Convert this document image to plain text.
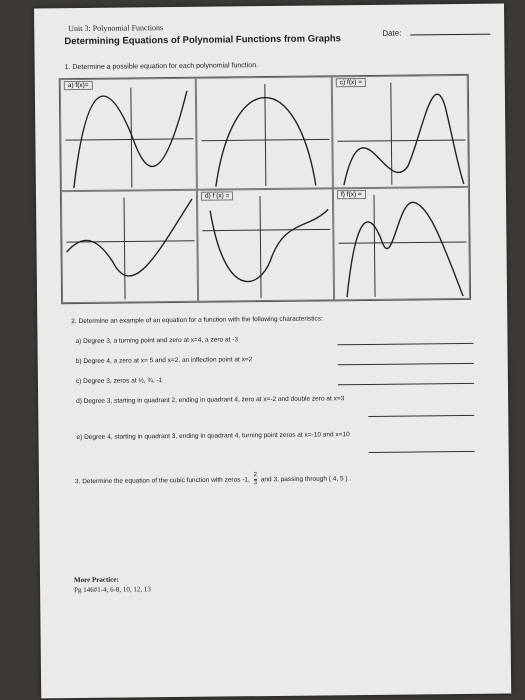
Unit 3: Polynomial Functions
Determining Equations of Polynomial Functions from Graphs
Date:
1. Determine a possible equation for each polynomial function.
a) f(x)=	c) f(x) =
d) f (x) =	f) f(x) =
2. Determine an example of an equation for a function with the following characteristics:
a) Degree 3, a turning point and zero at x=4, a zero at -3
b) Degree 4, a zero at x= 5 and x=2, an inflection point at x=2
c) Degree 3, zeros at ½, ¾, -1
d) Degree 3, starting in quadrant 2, ending in quadrant 4, zero at x=-2 and double zero at x=3
e) Degree 4, starting in quadrant 3, ending in quadrant 4, turning point zeros at x=-10 and x=10
3. Determine the equation of the cubic function with zeros -1, $\frac{2}{3}$ and 3, passing through ( 4, 5 ) .
More Practice:
Pg 146#1-4, 6-8, 10, 12, 13
